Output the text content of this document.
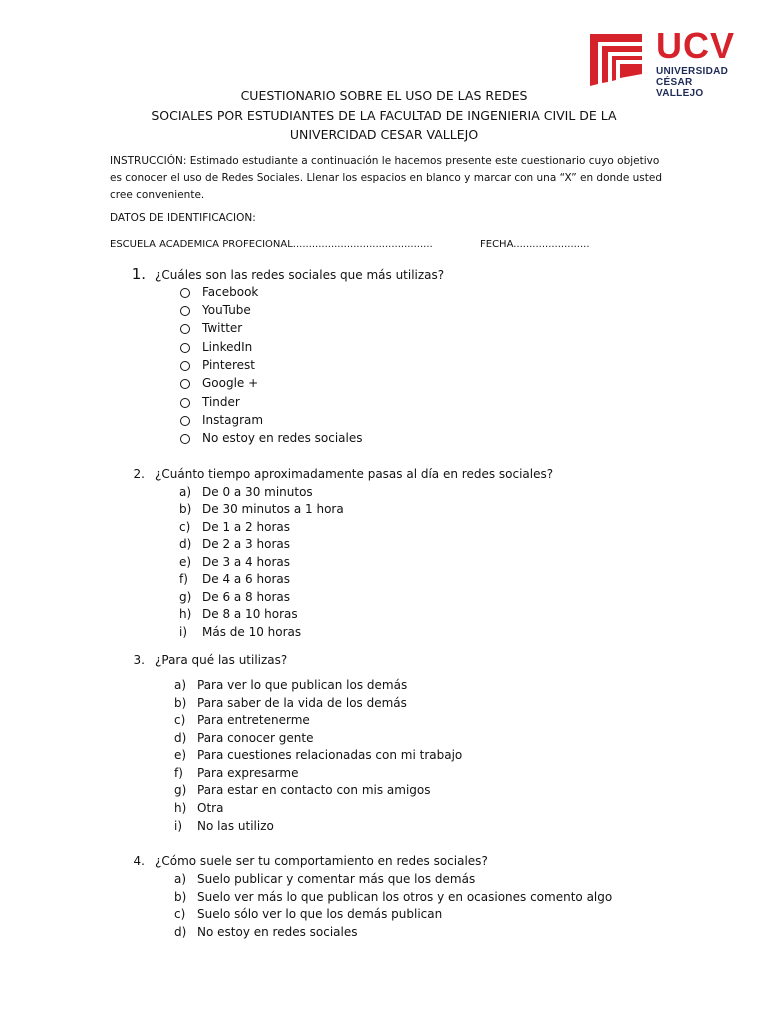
UCV
UNIVERSIDAD
CÉSAR VALLEJO
CUESTIONARIO SOBRE EL USO DE LAS REDES
SOCIALES POR ESTUDIANTES DE LA FACULTAD DE INGENIERIA CIVIL DE LA
UNIVERCIDAD CESAR VALLEJO
INSTRUCCIÓN: Estimado estudiante a continuación le hacemos presente este cuestionario cuyo objetivo es conocer el uso de Redes Sociales. Llenar los espacios en blanco y marcar con una “X” en donde usted cree conveniente.
DATOS DE IDENTIFICACION:
ESCUELA ACADEMICA PROFECIONAL............................................	FECHA........................
1. ¿Cuáles son las redes sociales que más utilizas?
Facebook
YouTube
Twitter
LinkedIn
Pinterest
Google +
Tinder
Instagram
No estoy en redes sociales
2. ¿Cuánto tiempo aproximadamente pasas al día en redes sociales?
a) De 0 a 30 minutos
b) De 30 minutos a 1 hora
c) De 1 a 2 horas
d) De 2 a 3 horas
e) De 3 a 4 horas
f)	De 4 a 6 horas
g) De 6 a 8 horas
h) De 8 a 10 horas
i)	Más de 10 horas
3. ¿Para qué las utilizas?
a) Para ver lo que publican los demás
b) Para saber de la vida de los demás
c) Para entretenerme
d) Para conocer gente
e) Para cuestiones relacionadas con mi trabajo
f)	Para expresarme
g) Para estar en contacto con mis amigos
h) Otra
i)	No las utilizo
4. ¿Cómo suele ser tu comportamiento en redes sociales?
a) Suelo publicar y comentar más que los demás
b) Suelo ver más lo que publican los otros y en ocasiones comento algo
c) Suelo sólo ver lo que los demás publican
d) No estoy en redes sociales
